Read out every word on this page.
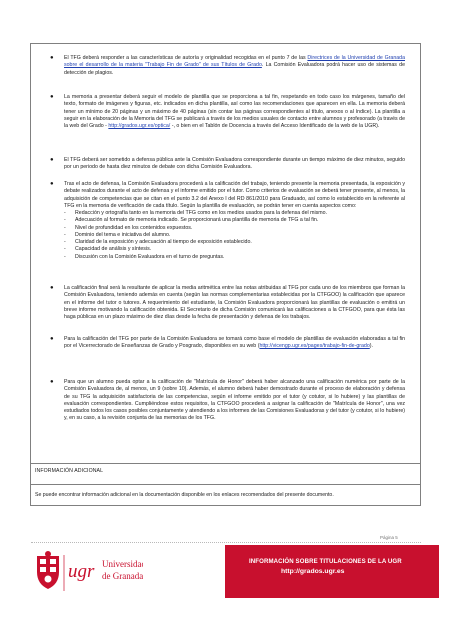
● El TFG deberá responder a las características de autoría y originalidad recogidas en el punto 7 de las Directrices de la Universidad de Granada sobre el desarrollo de la materia "Trabajo Fin de Grado" de sus Títulos de Grado. La Comisión Evaluadora podrá hacer uso de sistemas de detección de plagios.
● La memoria a presentar deberá seguir el modelo de plantilla que se proporciona a tal fin, respetando en todo caso los márgenes, tamaño del texto, formato de imágenes y figuras, etc. indicados en dicha plantilla, así como las recomendaciones que aparecen en ella. La memoria deberá tener un mínimo de 20 páginas y un máximo de 40 páginas (sin contar las páginas correspondientes al título, anexos o al índice). La plantilla a seguir en la elaboración de la Memoria del TFG se publicará a través de los medios usuales de contacto entre alumnos y profesorado (a través de la web del Grado - http://grados.ugr.es/optica/ -, o bien en el Tablón de Docencia a través del Acceso Identificado de la web de la UGR).
● El TFG deberá ser sometido a defensa pública ante la Comisión Evaluadora correspondiente durante un tiempo máximo de diez minutos, seguido por un periodo de hasta diez minutos de debate con dicha Comisión Evaluadora.
● Tras el acto de defensa, la Comisión Evaluadora procederá a la calificación del trabajo, teniendo presente la memoria presentada, la exposición y debate realizados durante el acto de defensa y el informe emitido por el tutor. Como criterios de evaluación se deberá tener presente, al menos, la adquisición de competencias que se citan en el punto 3.2 del Anexo I del RD 861/2010 para Graduado, así como lo establecido en la referente al TFG en la memoria de verificación de cada título. Según la plantilla de evaluación, se podrán tener en cuenta aspectos como:
- Redacción y ortografía tanto en la memoria del TFG como en los medios usados para la defensa del mismo.
- Adecuación al formato de memoria indicado. Se proporcionará una plantilla de memoria de TFG a tal fin.
- Nivel de profundidad en los contenidos expuestos.
- Dominio del tema e iniciativa del alumno.
- Claridad de la exposición y adecuación al tiempo de exposición establecido.
- Capacidad de análisis y síntesis.
- Discusión con la Comisión Evaluadora en el turno de preguntas.
● La calificación final será la resultante de aplicar la media aritmética entre las notas atribuidas al TFG por cada uno de los miembros que forman la Comisión Evaluadora, teniendo además en cuenta (según las normas complementarias establecidas por la CTFGOO) la calificación que aparece en el informe del tutor o tutores. A requerimiento del estudiante, la Comisión Evaluadora proporcionará las plantillas de evaluación o emitirá un breve informe motivando la calificación obtenida. El Secretario de dicha Comisión comunicará las calificaciones a la CTFGOO, para que ésta las haga públicas en un plazo máximo de diez días desde la fecha de presentación y defensa de los trabajos.
● Para la calificación del TFG por parte de la Comisión Evaluadora se tomará como base el modelo de plantillas de evaluación elaboradas a tal fin por el Vicerrectorado de Enseñanzas de Grado y Posgrado, disponibles en su web (http://vicengp.ugr.es/pages/trabajo-fin-de-grado).
● Para que un alumno pueda optar a la calificación de "Matrícula de Honor" deberá haber alcanzado una calificación numérica por parte de la Comisión Evaluadora de, al menos, un 9 (sobre 10). Además, el alumno deberá haber demostrado durante el proceso de elaboración y defensa de su TFG la adquisición satisfactoria de las competencias, según el informe emitido por el tutor (y cotutor, si lo hubiere) y las plantillas de evaluación correspondientes. Cumpliéndose estos requisitos, la CTFGOO procederá a asignar la calificación de "Matrícula de Honor", una vez estudiados todos los casos posibles conjuntamente y atendiendo a los informes de las Comisiones Evaluadoras y del tutor (y cotutor, si lo hubiere) y, en su caso, a la revisión conjunta de las memorias de los TFG.
INFORMACIÓN ADICIONAL
Se puede encontrar información adicional en la documentación disponible en los enlaces recomendados del presente documento.
Página 5
ugr Universidad
de Granada
INFORMACIÓN SOBRE TITULACIONES DE LA UGR
http://grados.ugr.es
